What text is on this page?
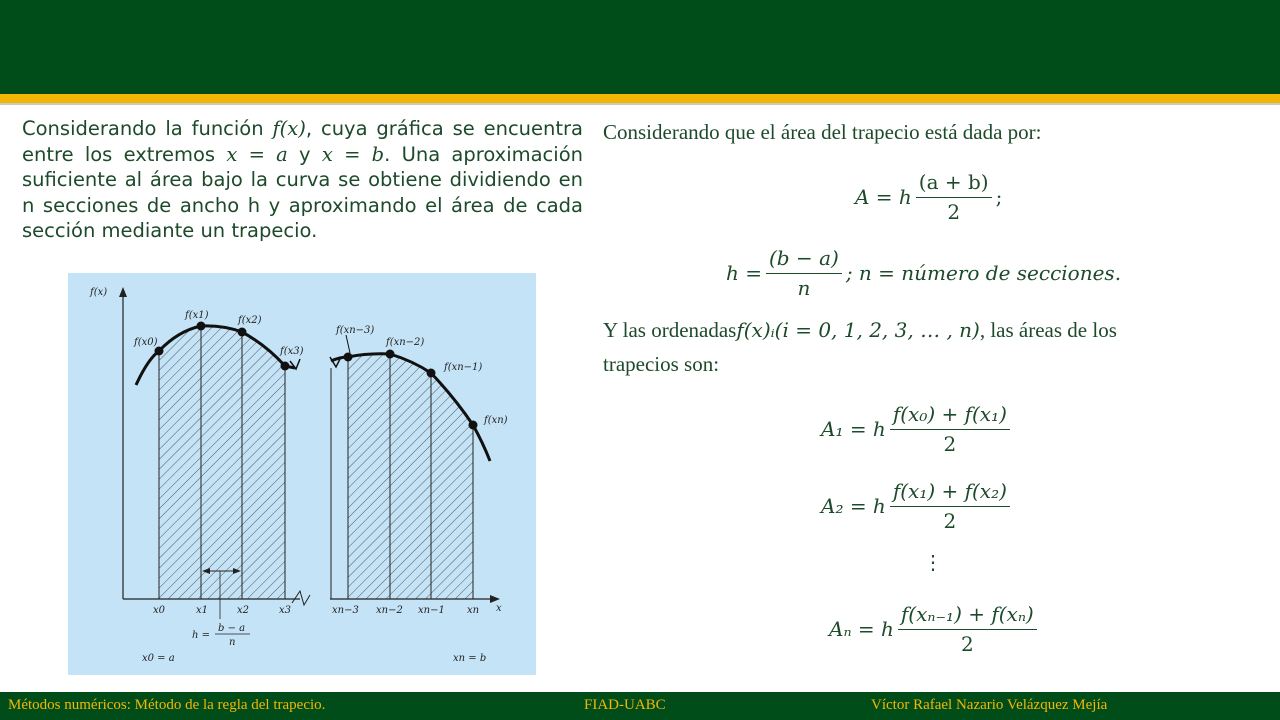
Considerando la función f(x), cuya gráfica se encuentra entre los extremos x = a y x = b. Una aproximación suficiente al área bajo la curva se obtiene dividiendo en n secciones de ancho h y aproximando el área de cada sección mediante un trapecio.
f(x)
x
f(x0)
f(x1)	f(x2)
f(x3)
f(xn−3)
f(xn−2)
f(xn−1)
f(xn)
x0	x1	x2	x3	xn−3 xn−2 xn−1 xn
h =
b − a
n
x0 = a	xn = b
Considerando que el área del trapecio está dada por:
A = h $\frac{(a + b)}{2}$ ;
$h = \frac{(b - a)}{n}$ ; n = número de secciones.
Y las ordenadasf(x)ᵢ(i = 0, 1, 2, 3, … , n), las áreas de los
trapecios son:
A₁ = h $\frac{\text{f(x₀) + f(x₁)}}{2}$
A₂ = h $\frac{\text{f(x₁) + f(x₂)}}{2}$
⋮
Aₙ = h $\frac{\text{f(xₙ₋₁) + f(xₙ)}}{2}$
Métodos numéricos: Método de la regla del trapecio.	FIAD-UABC	Víctor Rafael Nazario Velázquez Mejía
